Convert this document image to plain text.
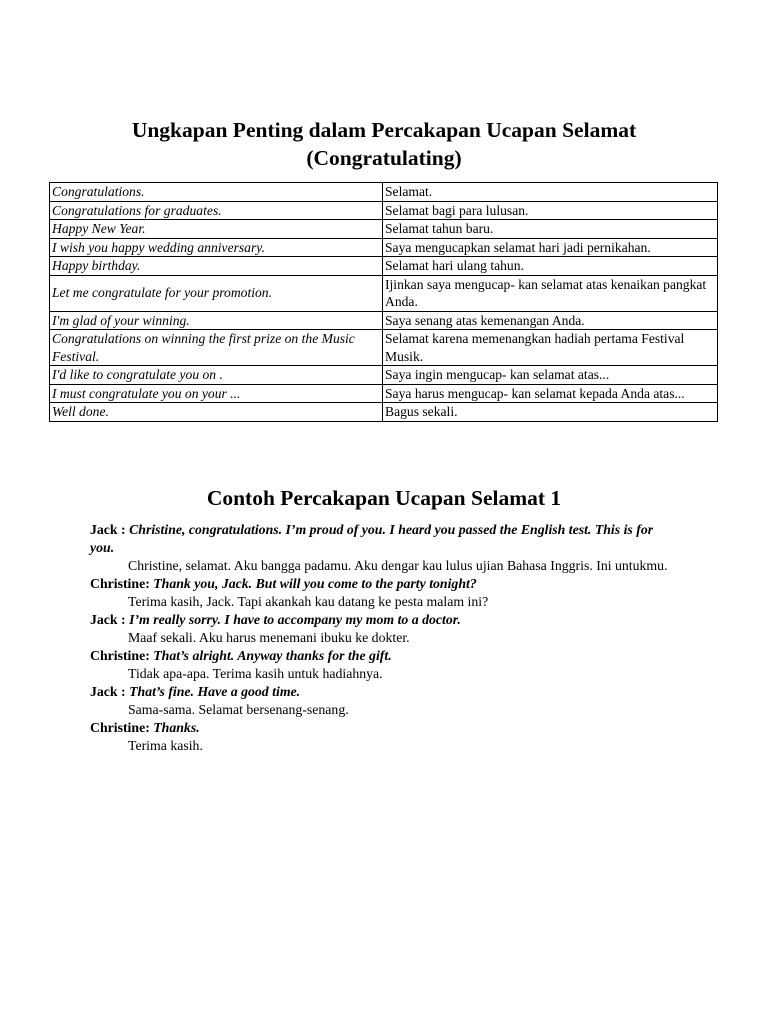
Ungkapan Penting dalam Percakapan Ucapan Selamat
(Congratulating)
Congratulations.	Selamat.
Congratulations for graduates.	Selamat bagi para lulusan.
Happy New Year.	Selamat tahun baru.
I wish you happy wedding anniversary.	Saya mengucapkan selamat hari jadi pernikahan.
Happy birthday.	Selamat hari ulang tahun.
Let me congratulate for your promotion.	Ijinkan saya mengucap- kan selamat atas kenaikan pangkat Anda.
I'm glad of your winning.	Saya senang atas kemenangan Anda.
Congratulations on winning the first prize on the Music Festival.	Selamat karena memenangkan hadiah pertama Festival Musik.
I'd like to congratulate you on .	Saya ingin mengucap- kan selamat atas...
I must congratulate you on your ...	Saya harus mengucap- kan selamat kepada Anda atas...
Well done.	Bagus sekali.
Contoh Percakapan Ucapan Selamat 1

Jack : Christine, congratulations. I’m proud of you. I heard you passed the English test. This is for you.

Christine, selamat. Aku bangga padamu. Aku dengar kau lulus ujian Bahasa Inggris. Ini untukmu.

Christine: Thank you, Jack. But will you come to the party tonight?

Terima kasih, Jack. Tapi akankah kau datang ke pesta malam ini?

Jack : I’m really sorry. I have to accompany my mom to a doctor.

Maaf sekali. Aku harus menemani ibuku ke dokter.

Christine: That’s alright. Anyway thanks for the gift.

Tidak apa-apa. Terima kasih untuk hadiahnya.

Jack : That’s fine. Have a good time.

Sama-sama. Selamat bersenang-senang.

Christine: Thanks.

Terima kasih.
